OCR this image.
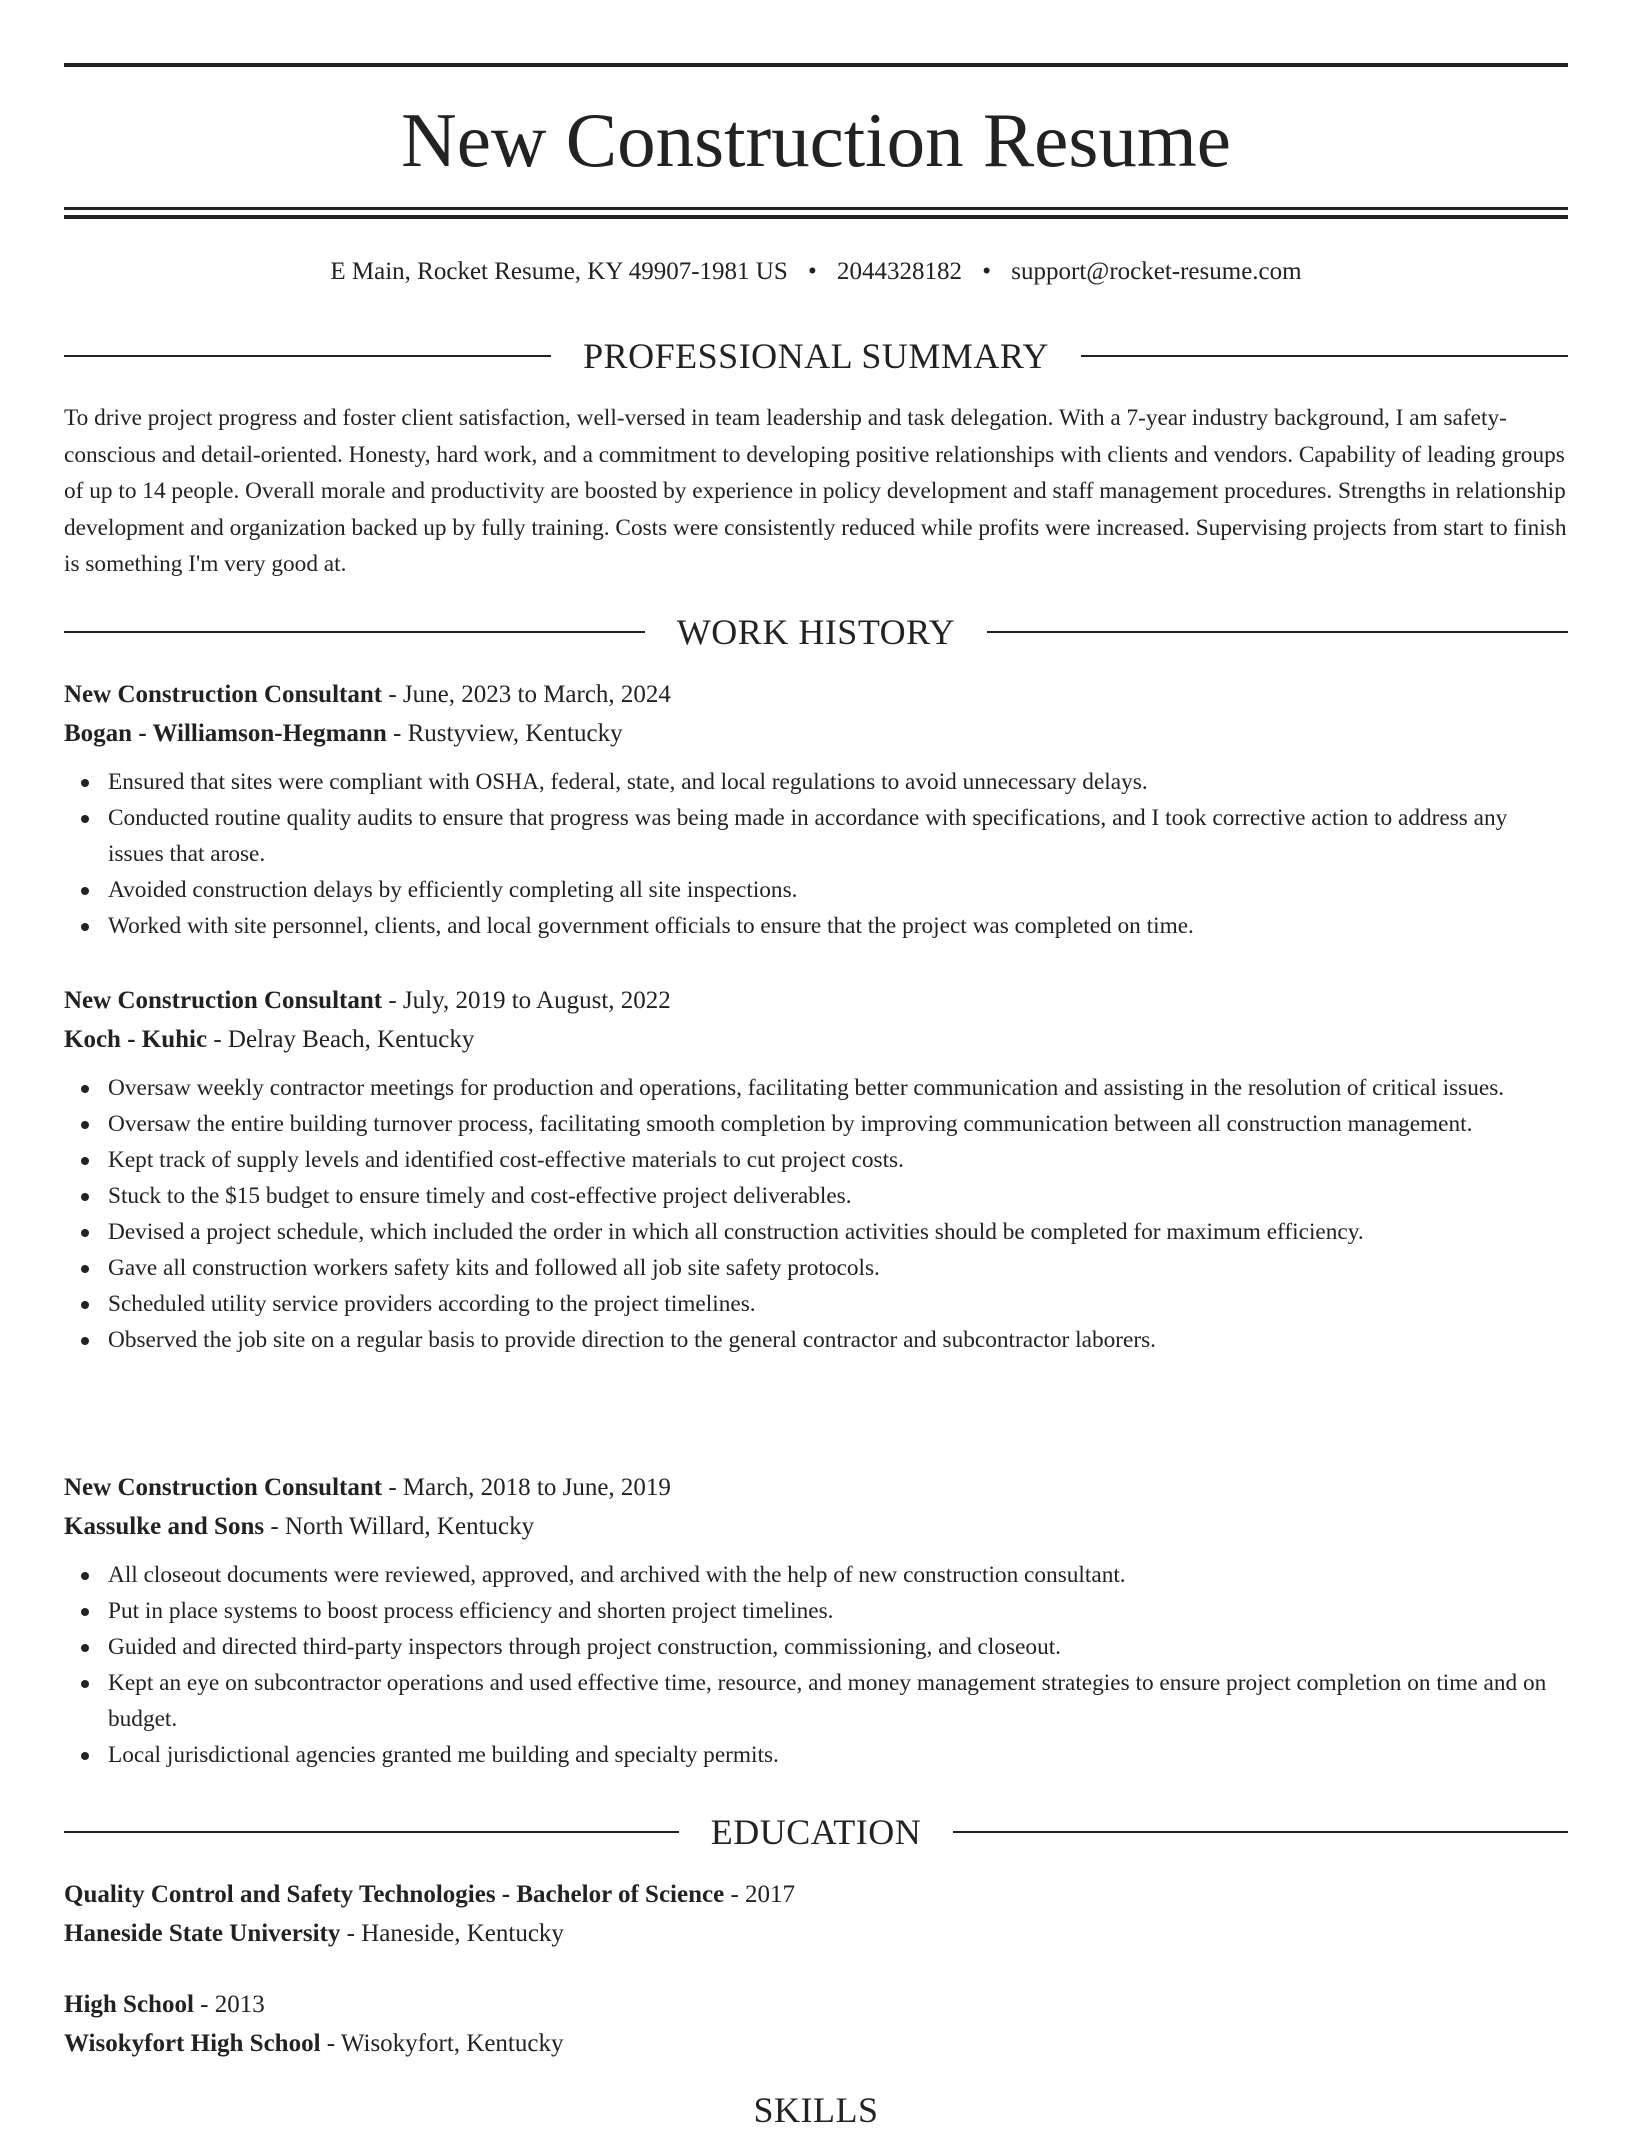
New Construction Resume
E Main, Rocket Resume, KY 49907-1981 US • 2044328182 • support@rocket-resume.com
PROFESSIONAL SUMMARY

To drive project progress and foster client satisfaction, well-versed in team leadership and task delegation. With a 7-year industry background, I am safety-conscious and detail-oriented. Honesty, hard work, and a commitment to developing positive relationships with clients and vendors. Capability of leading groups of up to 14 people. Overall morale and productivity are boosted by experience in policy development and staff management procedures. Strengths in relationship development and organization backed up by fully training. Costs were consistently reduced while profits were increased. Supervising projects from start to finish is something I'm very good at.

WORK HISTORY
New Construction Consultant - June, 2023 to March, 2024
Bogan - Williamson-Hegmann - Rustyview, Kentucky
Ensured that sites were compliant with OSHA, federal, state, and local regulations to avoid unnecessary delays.
Conducted routine quality audits to ensure that progress was being made in accordance with specifications, and I took corrective action to address any issues that arose.
Avoided construction delays by efficiently completing all site inspections.
Worked with site personnel, clients, and local government officials to ensure that the project was completed on time.
New Construction Consultant - July, 2019 to August, 2022
Koch - Kuhic - Delray Beach, Kentucky
Oversaw weekly contractor meetings for production and operations, facilitating better communication and assisting in the resolution of critical issues.
Oversaw the entire building turnover process, facilitating smooth completion by improving communication between all construction management.
Kept track of supply levels and identified cost-effective materials to cut project costs.
Stuck to the $15 budget to ensure timely and cost-effective project deliverables.
Devised a project schedule, which included the order in which all construction activities should be completed for maximum efficiency.
Gave all construction workers safety kits and followed all job site safety protocols.
Scheduled utility service providers according to the project timelines.
Observed the job site on a regular basis to provide direction to the general contractor and subcontractor laborers.
New Construction Consultant - March, 2018 to June, 2019
Kassulke and Sons - North Willard, Kentucky
All closeout documents were reviewed, approved, and archived with the help of new construction consultant.
Put in place systems to boost process efficiency and shorten project timelines.
Guided and directed third-party inspectors through project construction, commissioning, and closeout.
Kept an eye on subcontractor operations and used effective time, resource, and money management strategies to ensure project completion on time and on budget.
Local jurisdictional agencies granted me building and specialty permits.
EDUCATION
Quality Control and Safety Technologies - Bachelor of Science - 2017
Haneside State University - Haneside, Kentucky
High School - 2013
Wisokyfort High School - Wisokyfort, Kentucky
SKILLS
